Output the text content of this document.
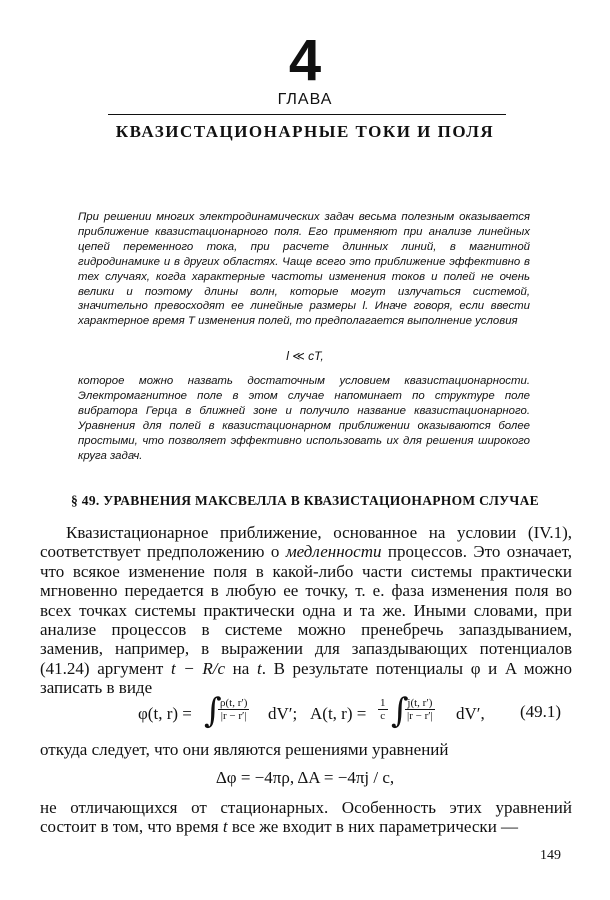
4
ГЛАВА
КВАЗИСТАЦИОНАРНЫЕ ТОКИ И ПОЛЯ

При решении многих электродинамических задач весьма полезным оказывается приближение квазистационарного поля. Его применяют при анализе линейных цепей переменного тока, при расчете длинных линий, в магнитной гидродинамике и в других областях. Чаще всего это приближение эффективно в тех случаях, когда характерные частоты изменения токов и полей не очень велики и поэтому длины волн, которые могут излучаться системой, значительно превосходят ее линейные размеры l. Иначе говоря, если ввести характерное время T изменения полей, то предполагается выполнение условия

l ≪ cT,

которое можно назвать достаточным условием квазистационарности. Электромагнитное поле в этом случае напоминает по структуре поле вибратора Герца в ближней зоне и получило название квазистационарного. Уравнения для полей в квазистационарном приближении оказываются более простыми, что позволяет эффективно использовать их для решения широкого круга задач.

§ 49. УРАВНЕНИЯ МАКСВЕЛЛА В КВАЗИСТАЦИОНАРНОМ СЛУЧАЕ

Квазистационарное приближение, основанное на условии (IV.1), соответствует предположению о медленности процессов. Это означает, что всякое изменение поля в какой-либо части системы практически мгновенно передается в любую ее точку, т. е. фаза изменения поля во всех точках системы практически одна и та же. Иными словами, при анализе процессов в системе можно пренебречь запаздыванием, заменив, например, в выражении для запаздывающих потенциалов (41.24) аргумент t − R/c на t. В результате потенциалы φ и A можно записать в виде

φ(t, r) = ∫
$\frac{\rho(t, r')}{|r - r'|} dV'$; A(t, $r) = \frac{1}{c}$ ∫
$\frac{j(t, r')}{|r - r'|} dV'$, (49.1)

откуда следует, что они являются решениями уравнений

Δφ = −4πρ, ΔA = −4πj / c,

не отличающихся от стационарных. Особенность этих уравнений состоит в том, что время t все же входит в них параметрически —

149
